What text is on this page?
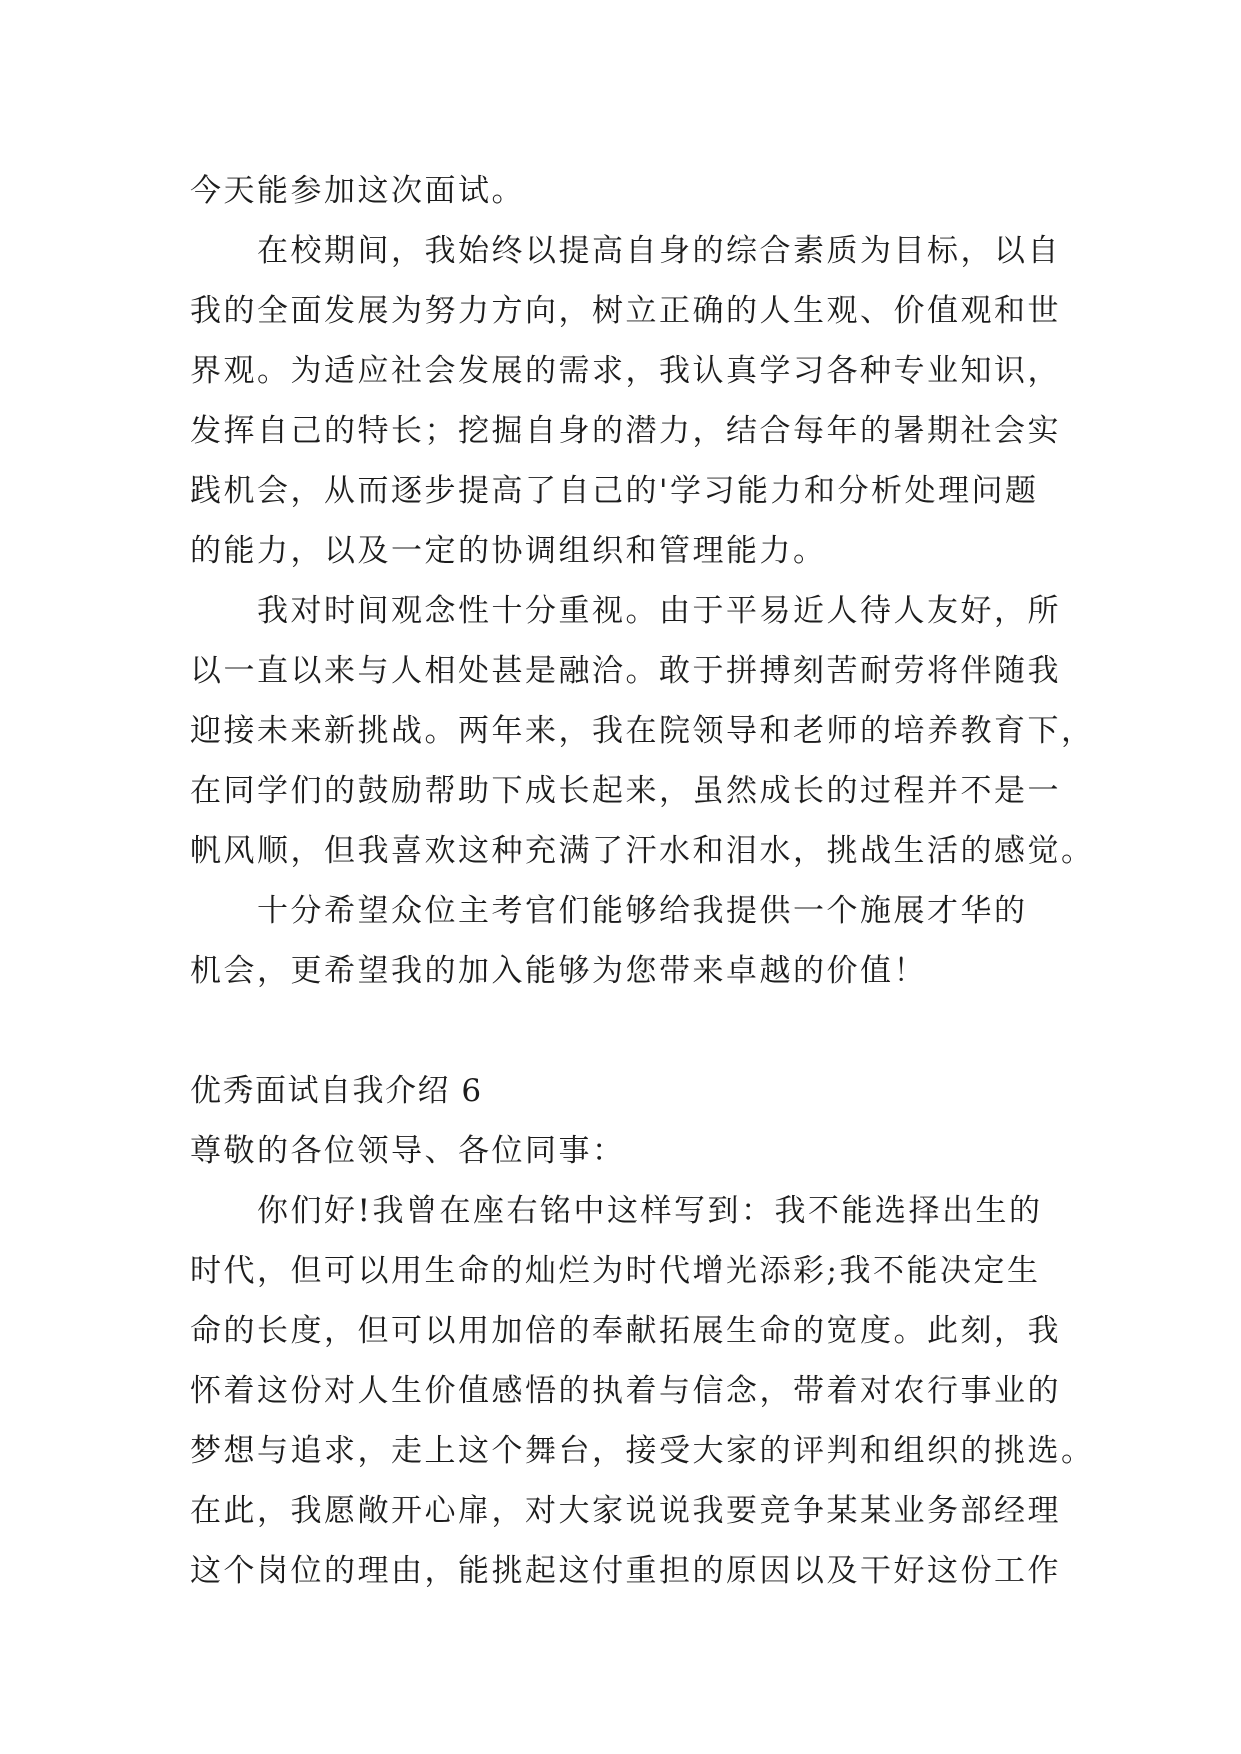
今天能参加这次面试。
　　在校期间，我始终以提高自身的综合素质为目标，以自
我的全面发展为努力方向，树立正确的人生观、价值观和世
界观。为适应社会发展的需求，我认真学习各种专业知识，
发挥自己的特长；挖掘自身的潜力，结合每年的暑期社会实
践机会，从而逐步提高了自己的'学习能力和分析处理问题
的能力，以及一定的协调组织和管理能力。
　　我对时间观念性十分重视。由于平易近人待人友好，所
以一直以来与人相处甚是融洽。敢于拼搏刻苦耐劳将伴随我
迎接未来新挑战。两年来，我在院领导和老师的培养教育下，
在同学们的鼓励帮助下成长起来，虽然成长的过程并不是一
帆风顺，但我喜欢这种充满了汗水和泪水，挑战生活的感觉。
　　十分希望众位主考官们能够给我提供一个施展才华的
机会，更希望我的加入能够为您带来卓越的价值！
优秀面试自我介绍 6
尊敬的各位领导、各位同事：
　　你们好!我曾在座右铭中这样写到：我不能选择出生的
时代，但可以用生命的灿烂为时代增光添彩;我不能决定生
命的长度，但可以用加倍的奉献拓展生命的宽度。此刻，我
怀着这份对人生价值感悟的执着与信念，带着对农行事业的
梦想与追求，走上这个舞台，接受大家的评判和组织的挑选。
在此，我愿敞开心扉，对大家说说我要竞争某某业务部经理
这个岗位的理由，能挑起这付重担的原因以及干好这份工作
